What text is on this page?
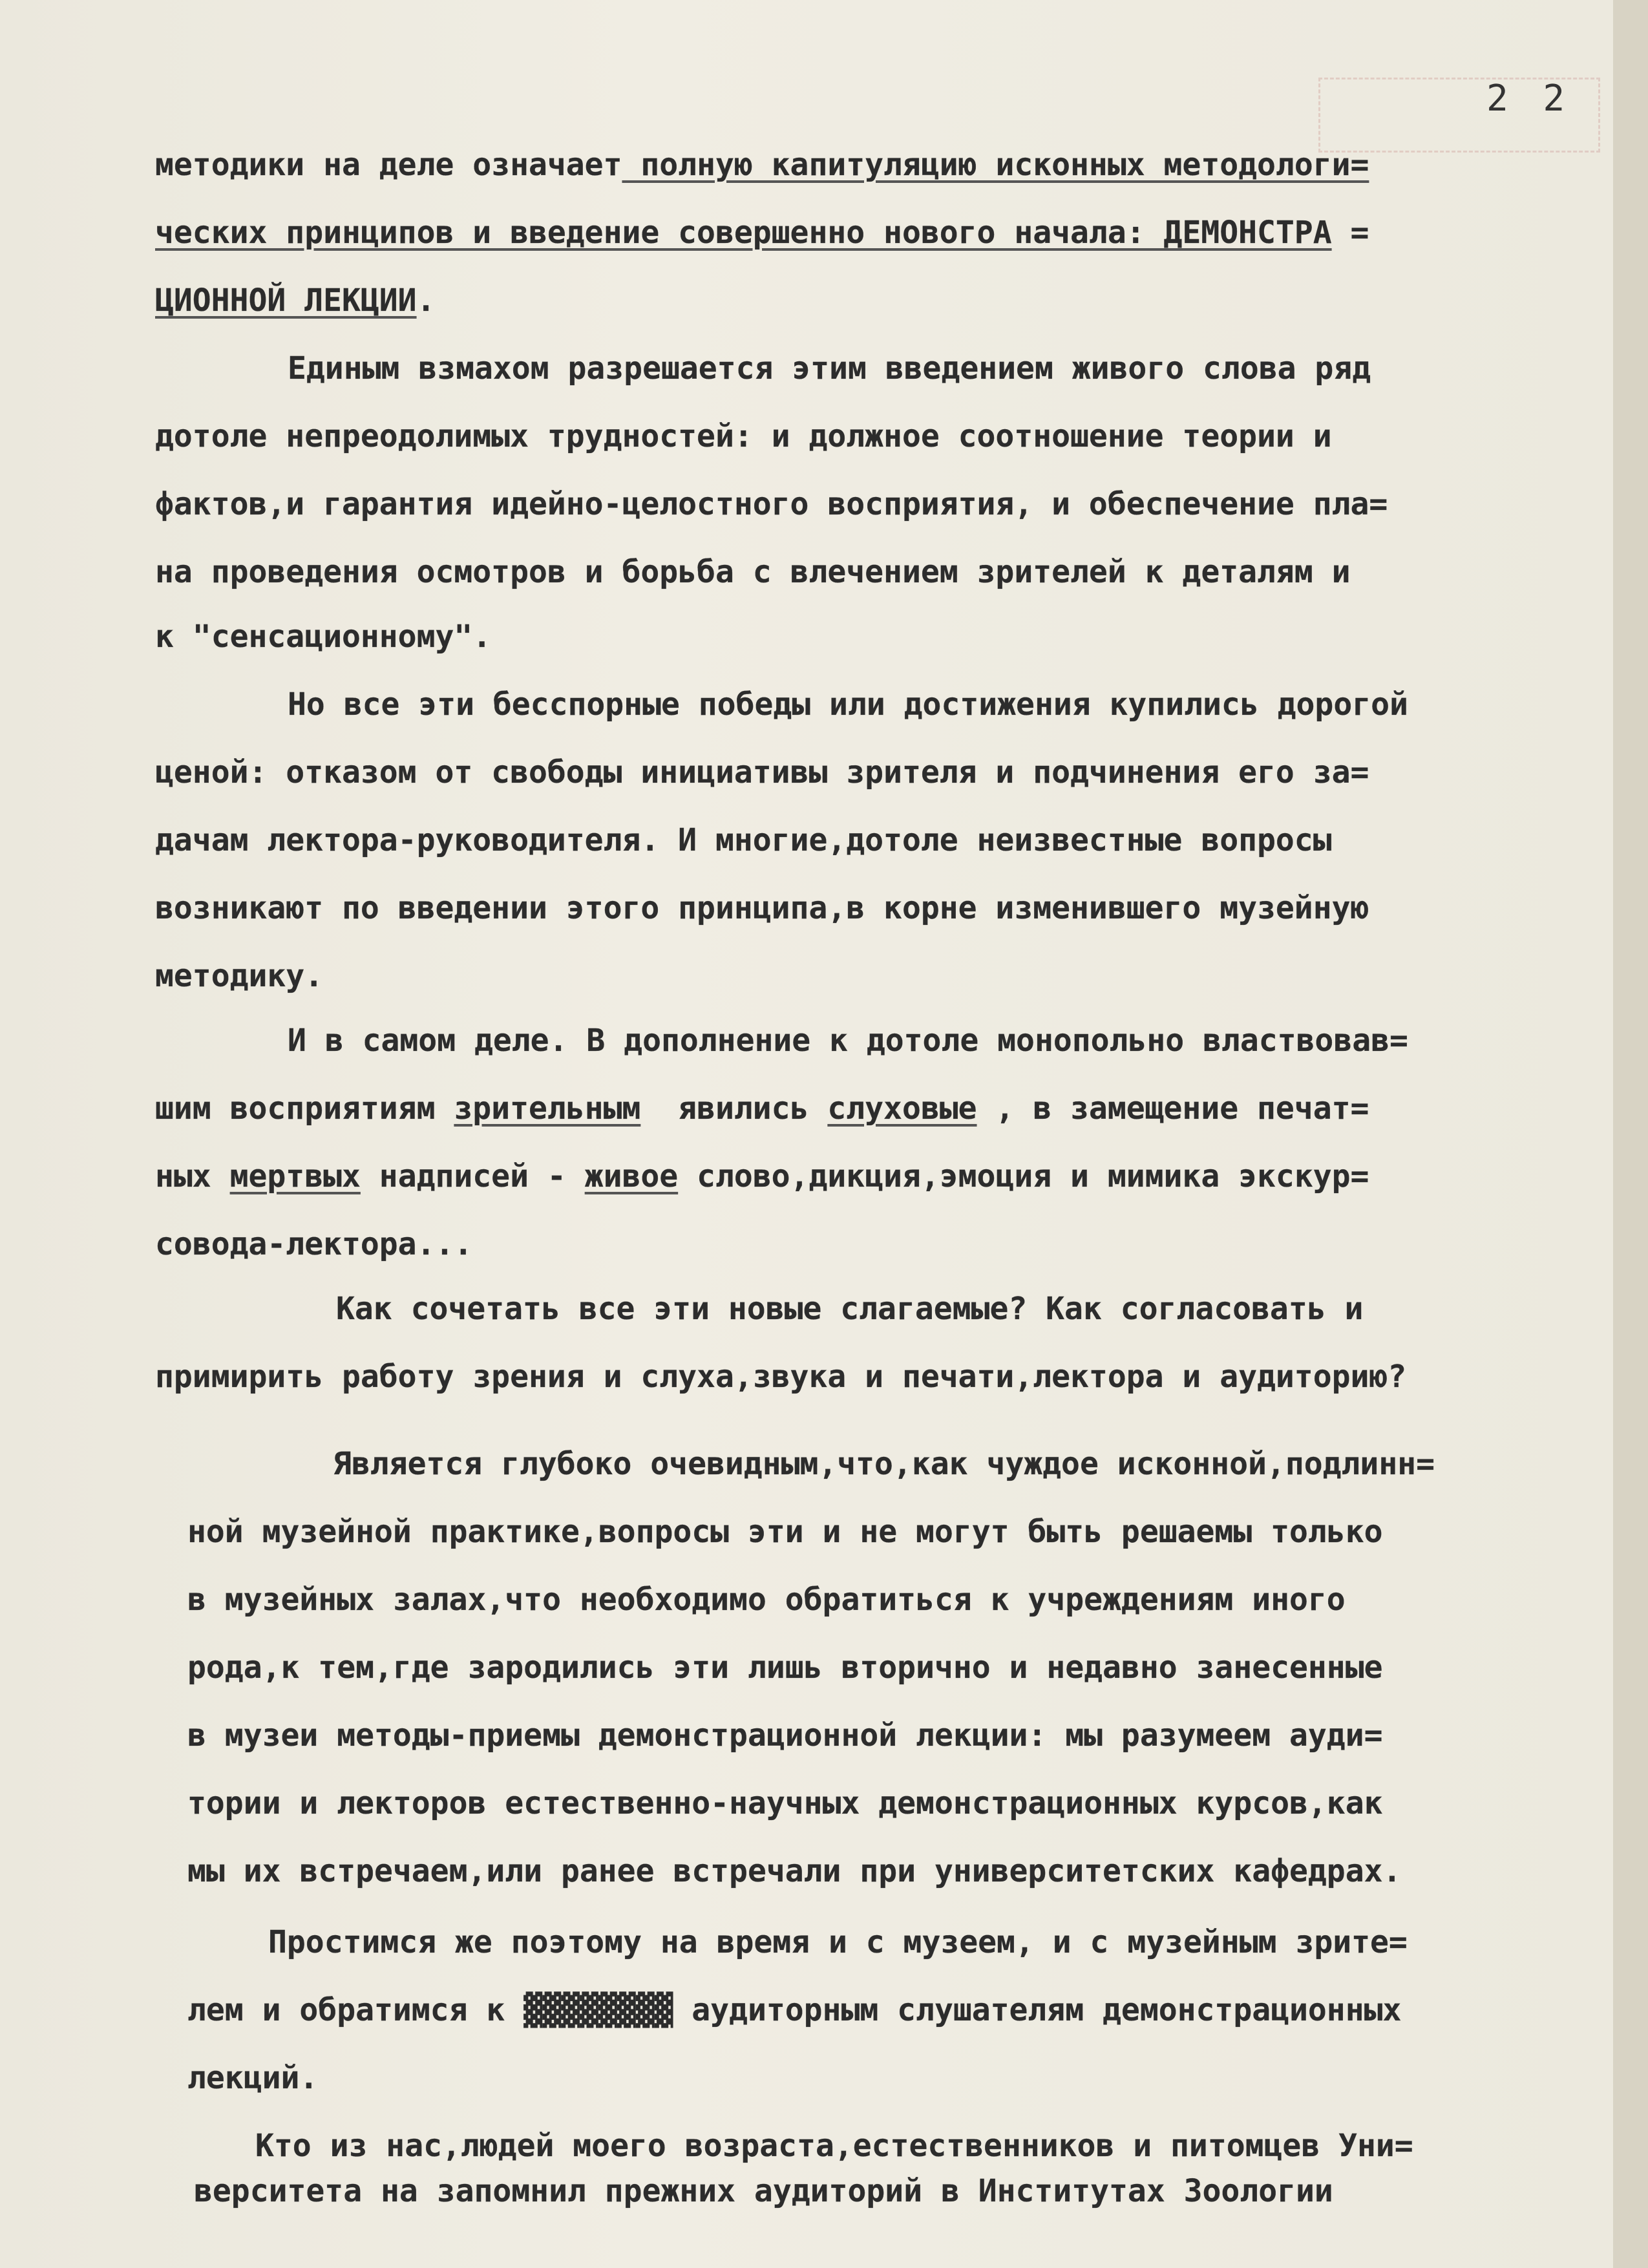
2 2
методики на деле означает полную капитуляцию исконных методологи=
ческих принципов и введение совершенно нового начала: ДЕМОНСТРА =
ЦИОННОЙ ЛЕКЦИИ.
Единым взмахом разрешается этим введением живого слова ряд
дотоле непреодолимых трудностей: и должное соотношение теории и
фактов,и гарантия идейно-целостного восприятия, и обеспечение пла=
на проведения осмотров и борьба с влечением зрителей к деталям и
к "сенсационному".
Но все эти бесспорные победы или достижения купились дорогой
ценой: отказом от свободы инициативы зрителя и подчинения его за=
дачам лектора-руководителя. И многие,дотоле неизвестные вопросы
возникают по введении этого принципа,в корне изменившего музейную
методику.
И в самом деле. В дополнение к дотоле монопольно властвовав=
шим восприятиям зрительным  явились слуховые , в замещение печат=
ных мертвых надписей - живое слово,дикция,эмоция и мимика экскур=
совода-лектора...
Как сочетать все эти новые слагаемые? Как согласовать и
примирить работу зрения и слуха,звука и печати,лектора и аудиторию?
Является глубоко очевидным,что,как чуждое исконной,подлинн=
ной музейной практике,вопросы эти и не могут быть решаемы только
в музейных залах,что необходимо обратиться к учреждениям иного
рода,к тем,где зародились эти лишь вторично и недавно занесенные
в музеи методы-приемы демонстрационной лекции: мы разумеем ауди=
тории и лекторов естественно-научных демонстрационных курсов,как
мы их встречаем,или ранее встречали при университетских кафедрах.
Простимся же поэтому на время и с музеем, и с музейным зрите=
лем и обратимся к ▓▓▓▓▓▓▓▓ аудиторным слушателям демонстрационных
лекций.
Кто из нас,людей моего возраста,естественников и питомцев Уни=
верситета на запомнил прежних аудиторий в Институтах Зоологии
